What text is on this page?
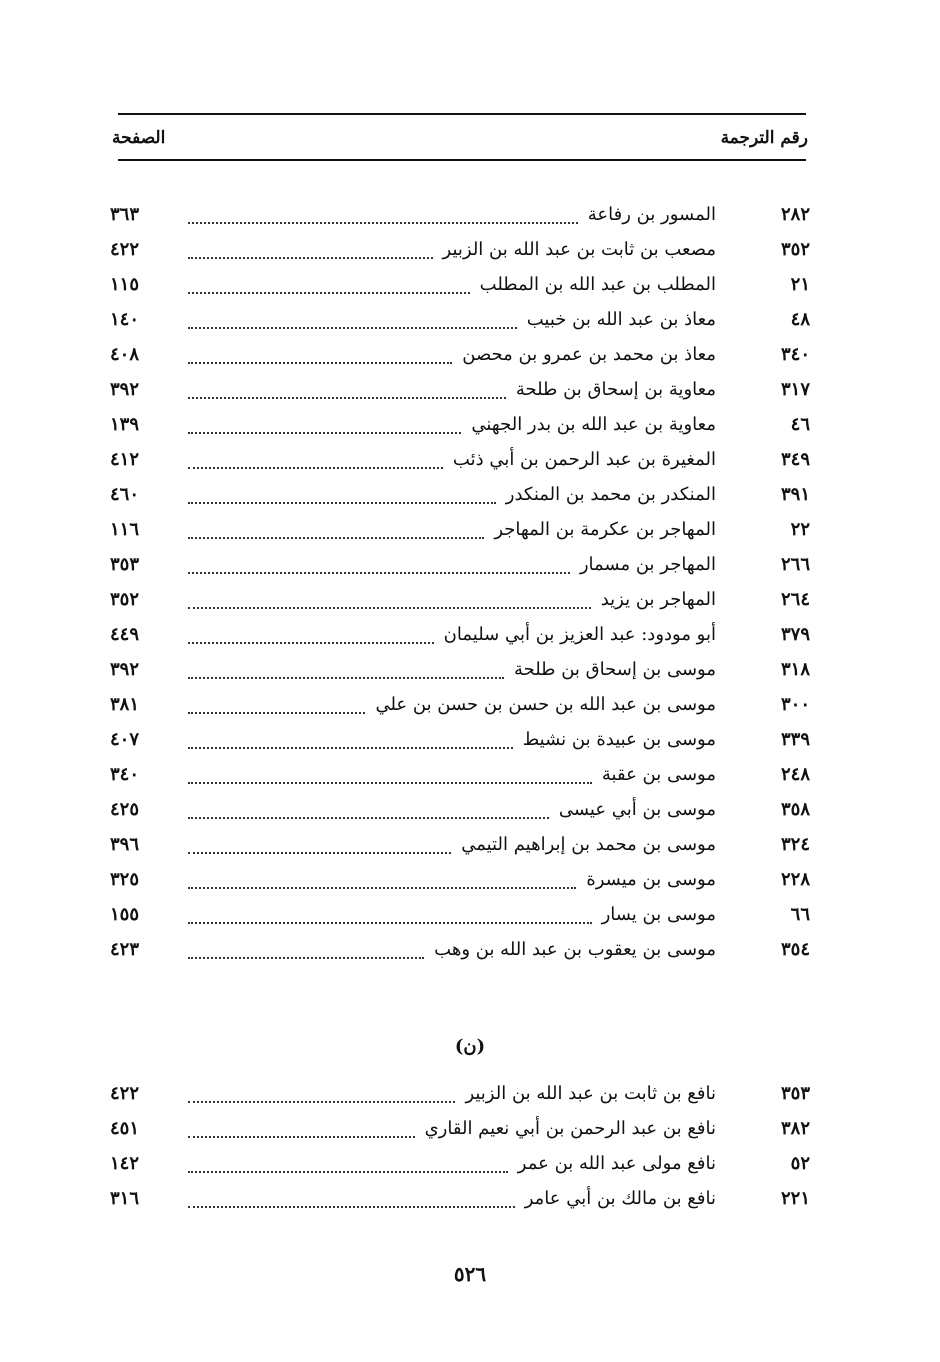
رقم الترجمة
الصفحة
٢٨٢
المسور بن رفاعة
٣٦٣
٣٥٢
مصعب بن ثابت بن عبد الله بن الزبير
٤٢٢
٢١
المطلب بن عبد الله بن المطلب
١١٥
٤٨
معاذ بن عبد الله بن خبيب
١٤٠
٣٤٠
معاذ بن محمد بن عمرو بن محصن
٤٠٨
٣١٧
معاوية بن إسحاق بن طلحة
٣٩٢
٤٦
معاوية بن عبد الله بن بدر الجهني
١٣٩
٣٤٩
المغيرة بن عبد الرحمن بن أبي ذئب
٤١٢
٣٩١
المنكدر بن محمد بن المنكدر
٤٦٠
٢٢
المهاجر بن عكرمة بن المهاجر
١١٦
٢٦٦
المهاجر بن مسمار
٣٥٣
٢٦٤
المهاجر بن يزيد
٣٥٢
٣٧٩
أبو مودود: عبد العزيز بن أبي سليمان
٤٤٩
٣١٨
موسى بن إسحاق بن طلحة
٣٩٢
٣٠٠
موسى بن عبد الله بن حسن بن حسن بن علي
٣٨١
٣٣٩
موسى بن عبيدة بن نشيط
٤٠٧
٢٤٨
موسى بن عقبة
٣٤٠
٣٥٨
موسى بن أبي عيسى
٤٢٥
٣٢٤
موسى بن محمد بن إبراهيم التيمي
٣٩٦
٢٢٨
موسى بن ميسرة
٣٢٥
٦٦
موسى بن يسار
١٥٥
٣٥٤
موسى بن يعقوب بن عبد الله بن وهب
٤٢٣
(ن)
٣٥٣
نافع بن ثابت بن عبد الله بن الزبير
٤٢٢
٣٨٢
نافع بن عبد الرحمن بن أبي نعيم القاري
٤٥١
٥٢
نافع مولى عبد الله بن عمر
١٤٢
٢٢١
نافع بن مالك بن أبي عامر
٣١٦
٥٢٦
